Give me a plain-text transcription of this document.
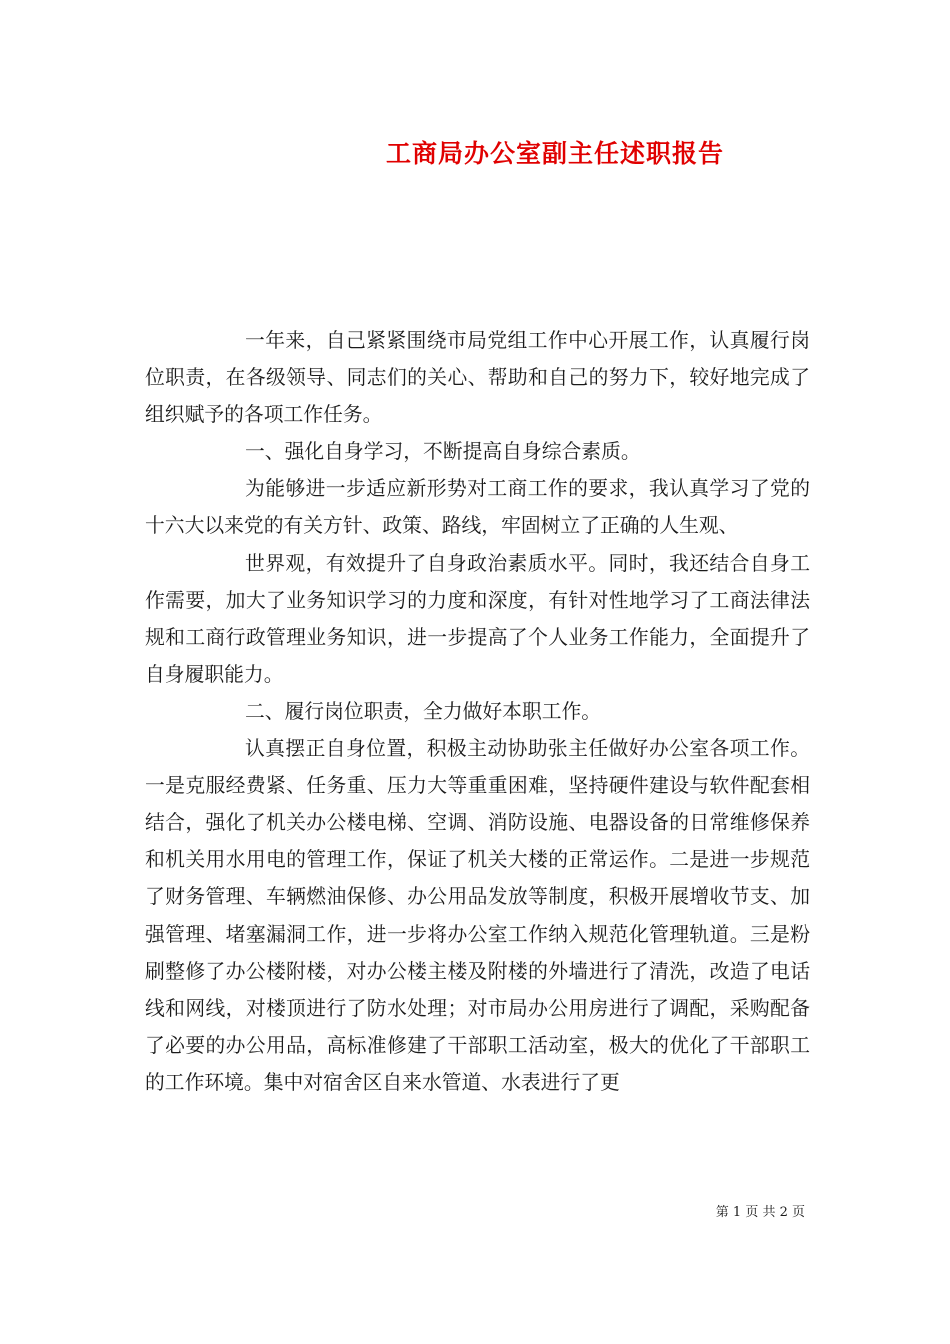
工商局办公室副主任述职报告

一年来，自己紧紧围绕市局党组工作中心开展工作，认真履行岗位职责，在各级领导、同志们的关心、帮助和自己的努力下，较好地完成了组织赋予的各项工作任务。

一、强化自身学习，不断提高自身综合素质。

为能够进一步适应新形势对工商工作的要求，我认真学习了党的十六大以来党的有关方针、政策、路线，牢固树立了正确的人生观、

世界观，有效提升了自身政治素质水平。同时，我还结合自身工作需要，加大了业务知识学习的力度和深度，有针对性地学习了工商法律法规和工商行政管理业务知识，进一步提高了个人业务工作能力，全面提升了自身履职能力。

二、履行岗位职责，全力做好本职工作。

认真摆正自身位置，积极主动协助张主任做好办公室各项工作。一是克服经费紧、任务重、压力大等重重困难，坚持硬件建设与软件配套相结合，强化了机关办公楼电梯、空调、消防设施、电器设备的日常维修保养和机关用水用电的管理工作，保证了机关大楼的正常运作。二是进一步规范了财务管理、车辆燃油保修、办公用品发放等制度，积极开展增收节支、加强管理、堵塞漏洞工作，进一步将办公室工作纳入规范化管理轨道。三是粉刷整修了办公楼附楼，对办公楼主楼及附楼的外墙进行了清洗，改造了电话线和网线，对楼顶进行了防水处理；对市局办公用房进行了调配，采购配备了必要的办公用品，高标准修建了干部职工活动室，极大的优化了干部职工的工作环境。集中对宿舍区自来水管道、水表进行了更

第 1 页 共 2 页
